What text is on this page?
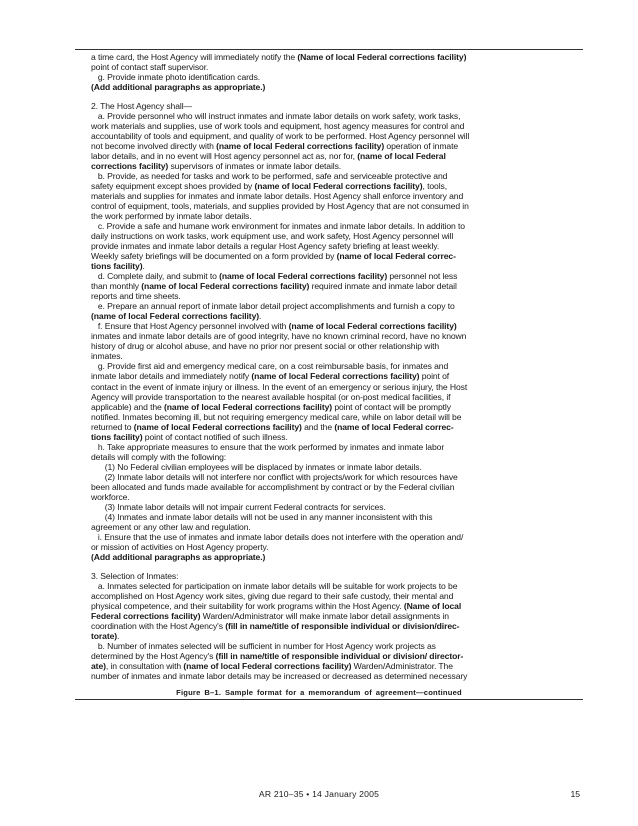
a time card, the Host Agency will immediately notify the (Name of local Federal corrections facility)
point of contact staff supervisor.
g. Provide inmate photo identification cards.
(Add additional paragraphs as appropriate.)
2. The Host Agency shall—
a. Provide personnel who will instruct inmates and inmate labor details on work safety, work tasks,
work materials and supplies, use of work tools and equipment, host agency measures for control and
accountability of tools and equipment, and quality of work to be performed. Host Agency personnel will
not become involved directly with (name of local Federal corrections facility) operation of inmate
labor details, and in no event will Host agency personnel act as, nor for, (name of local Federal
corrections facility) supervisors of inmates or inmate labor details.
b. Provide, as needed for tasks and work to be performed, safe and serviceable protective and
safety equipment except shoes provided by (name of local Federal corrections facility), tools,
materials and supplies for inmates and inmate labor details. Host Agency shall enforce inventory and
control of equipment, tools, materials, and supplies provided by Host Agency that are not consumed in
the work performed by inmate labor details.
c. Provide a safe and humane work environment for inmates and inmate labor details. In addition to
daily instructions on work tasks, work equipment use, and work safety, Host Agency personnel will
provide inmates and inmate labor details a regular Host Agency safety briefing at least weekly.
Weekly safety briefings will be documented on a form provided by (name of local Federal correc-
tions facility).
d. Complete daily, and submit to (name of local Federal corrections facility) personnel not less
than monthly (name of local Federal corrections facility) required inmate and inmate labor detail
reports and time sheets.
e. Prepare an annual report of inmate labor detail project accomplishments and furnish a copy to
(name of local Federal corrections facility).
f. Ensure that Host Agency personnel involved with (name of local Federal corrections facility)
inmates and inmate labor details are of good integrity, have no known criminal record, have no known
history of drug or alcohol abuse, and have no prior nor present social or other relationship with
inmates.
g. Provide first aid and emergency medical care, on a cost reimbursable basis, for inmates and
inmate labor details and immediately notify (name of local Federal corrections facility) point of
contact in the event of inmate injury or illness. In the event of an emergency or serious injury, the Host
Agency will provide transportation to the nearest available hospital (or on-post medical facilities, if
applicable) and the (name of local Federal corrections facility) point of contact will be promptly
notified. Inmates becoming ill, but not requiring emergency medical care, while on labor detail will be
returned to (name of local Federal corrections facility) and the (name of local Federal correc-
tions facility) point of contact notified of such illness.
h. Take appropriate measures to ensure that the work performed by inmates and inmate labor
details will comply with the following:
(1) No Federal civilian employees will be displaced by inmates or inmate labor details.
(2) Inmate labor details will not interfere nor conflict with projects/work for which resources have
been allocated and funds made available for accomplishment by contract or by the Federal civilian
workforce.
(3) Inmate labor details will not impair current Federal contracts for services.
(4) Inmates and inmate labor details will not be used in any manner inconsistent with this
agreement or any other law and regulation.
i. Ensure that the use of inmates and inmate labor details does not interfere with the operation and/
or mission of activities on Host Agency property.
(Add additional paragraphs as appropriate.)
3. Selection of Inmates:
a. Inmates selected for participation on inmate labor details will be suitable for work projects to be
accomplished on Host Agency work sites, giving due regard to their safe custody, their mental and
physical competence, and their suitability for work programs within the Host Agency. (Name of local
Federal corrections facility) Warden/Administrator will make inmate labor detail assignments in
coordination with the Host Agency's (fill in name/title of responsible individual or division/direc-
torate).
b. Number of inmates selected will be sufficient in number for Host Agency work projects as
determined by the Host Agency's (fill in name/title of responsible individual or division/ director-
ate), in consultation with (name of local Federal corrections facility) Warden/Administrator. The
number of inmates and inmate labor details may be increased or decreased as determined necessary
Figure B–1. Sample format for a memorandum of agreement—continued
AR 210–35 • 14 January 2005	15
